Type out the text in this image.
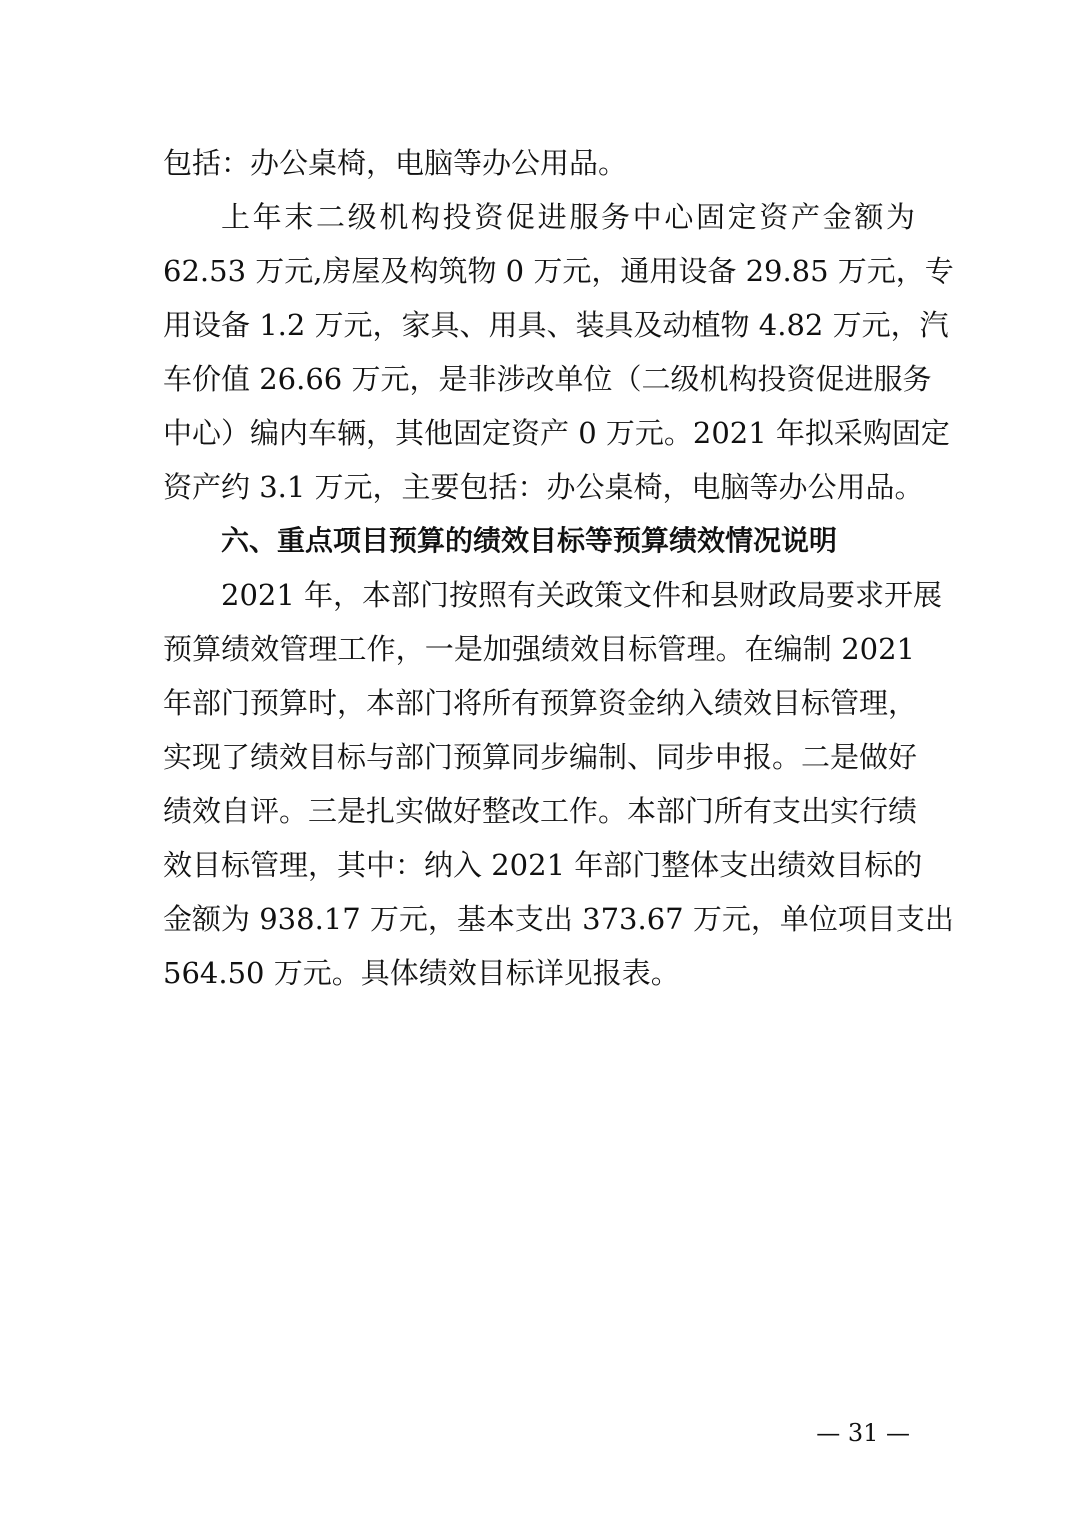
包括：办公桌椅，电脑等办公用品。
上年末二级机构投资促进服务中心固定资产金额为
62.53 万元,房屋及构筑物 0 万元，通用设备 29.85 万元，专
用设备 1.2 万元，家具、用具、装具及动植物 4.82 万元，汽
车价值 26.66 万元，是非涉改单位（二级机构投资促进服务
中心）编内车辆，其他固定资产 0 万元。2021 年拟采购固定
资产约 3.1 万元，主要包括：办公桌椅，电脑等办公用品。
六、重点项目预算的绩效目标等预算绩效情况说明
2021 年，本部门按照有关政策文件和县财政局要求开展
预算绩效管理工作，一是加强绩效目标管理。在编制 2021
年部门预算时，本部门将所有预算资金纳入绩效目标管理，
实现了绩效目标与部门预算同步编制、同步申报。二是做好
绩效自评。三是扎实做好整改工作。本部门所有支出实行绩
效目标管理，其中：纳入 2021 年部门整体支出绩效目标的
金额为 938.17 万元，基本支出 373.67 万元，单位项目支出
564.50 万元。具体绩效目标详见报表。
— 31 —
